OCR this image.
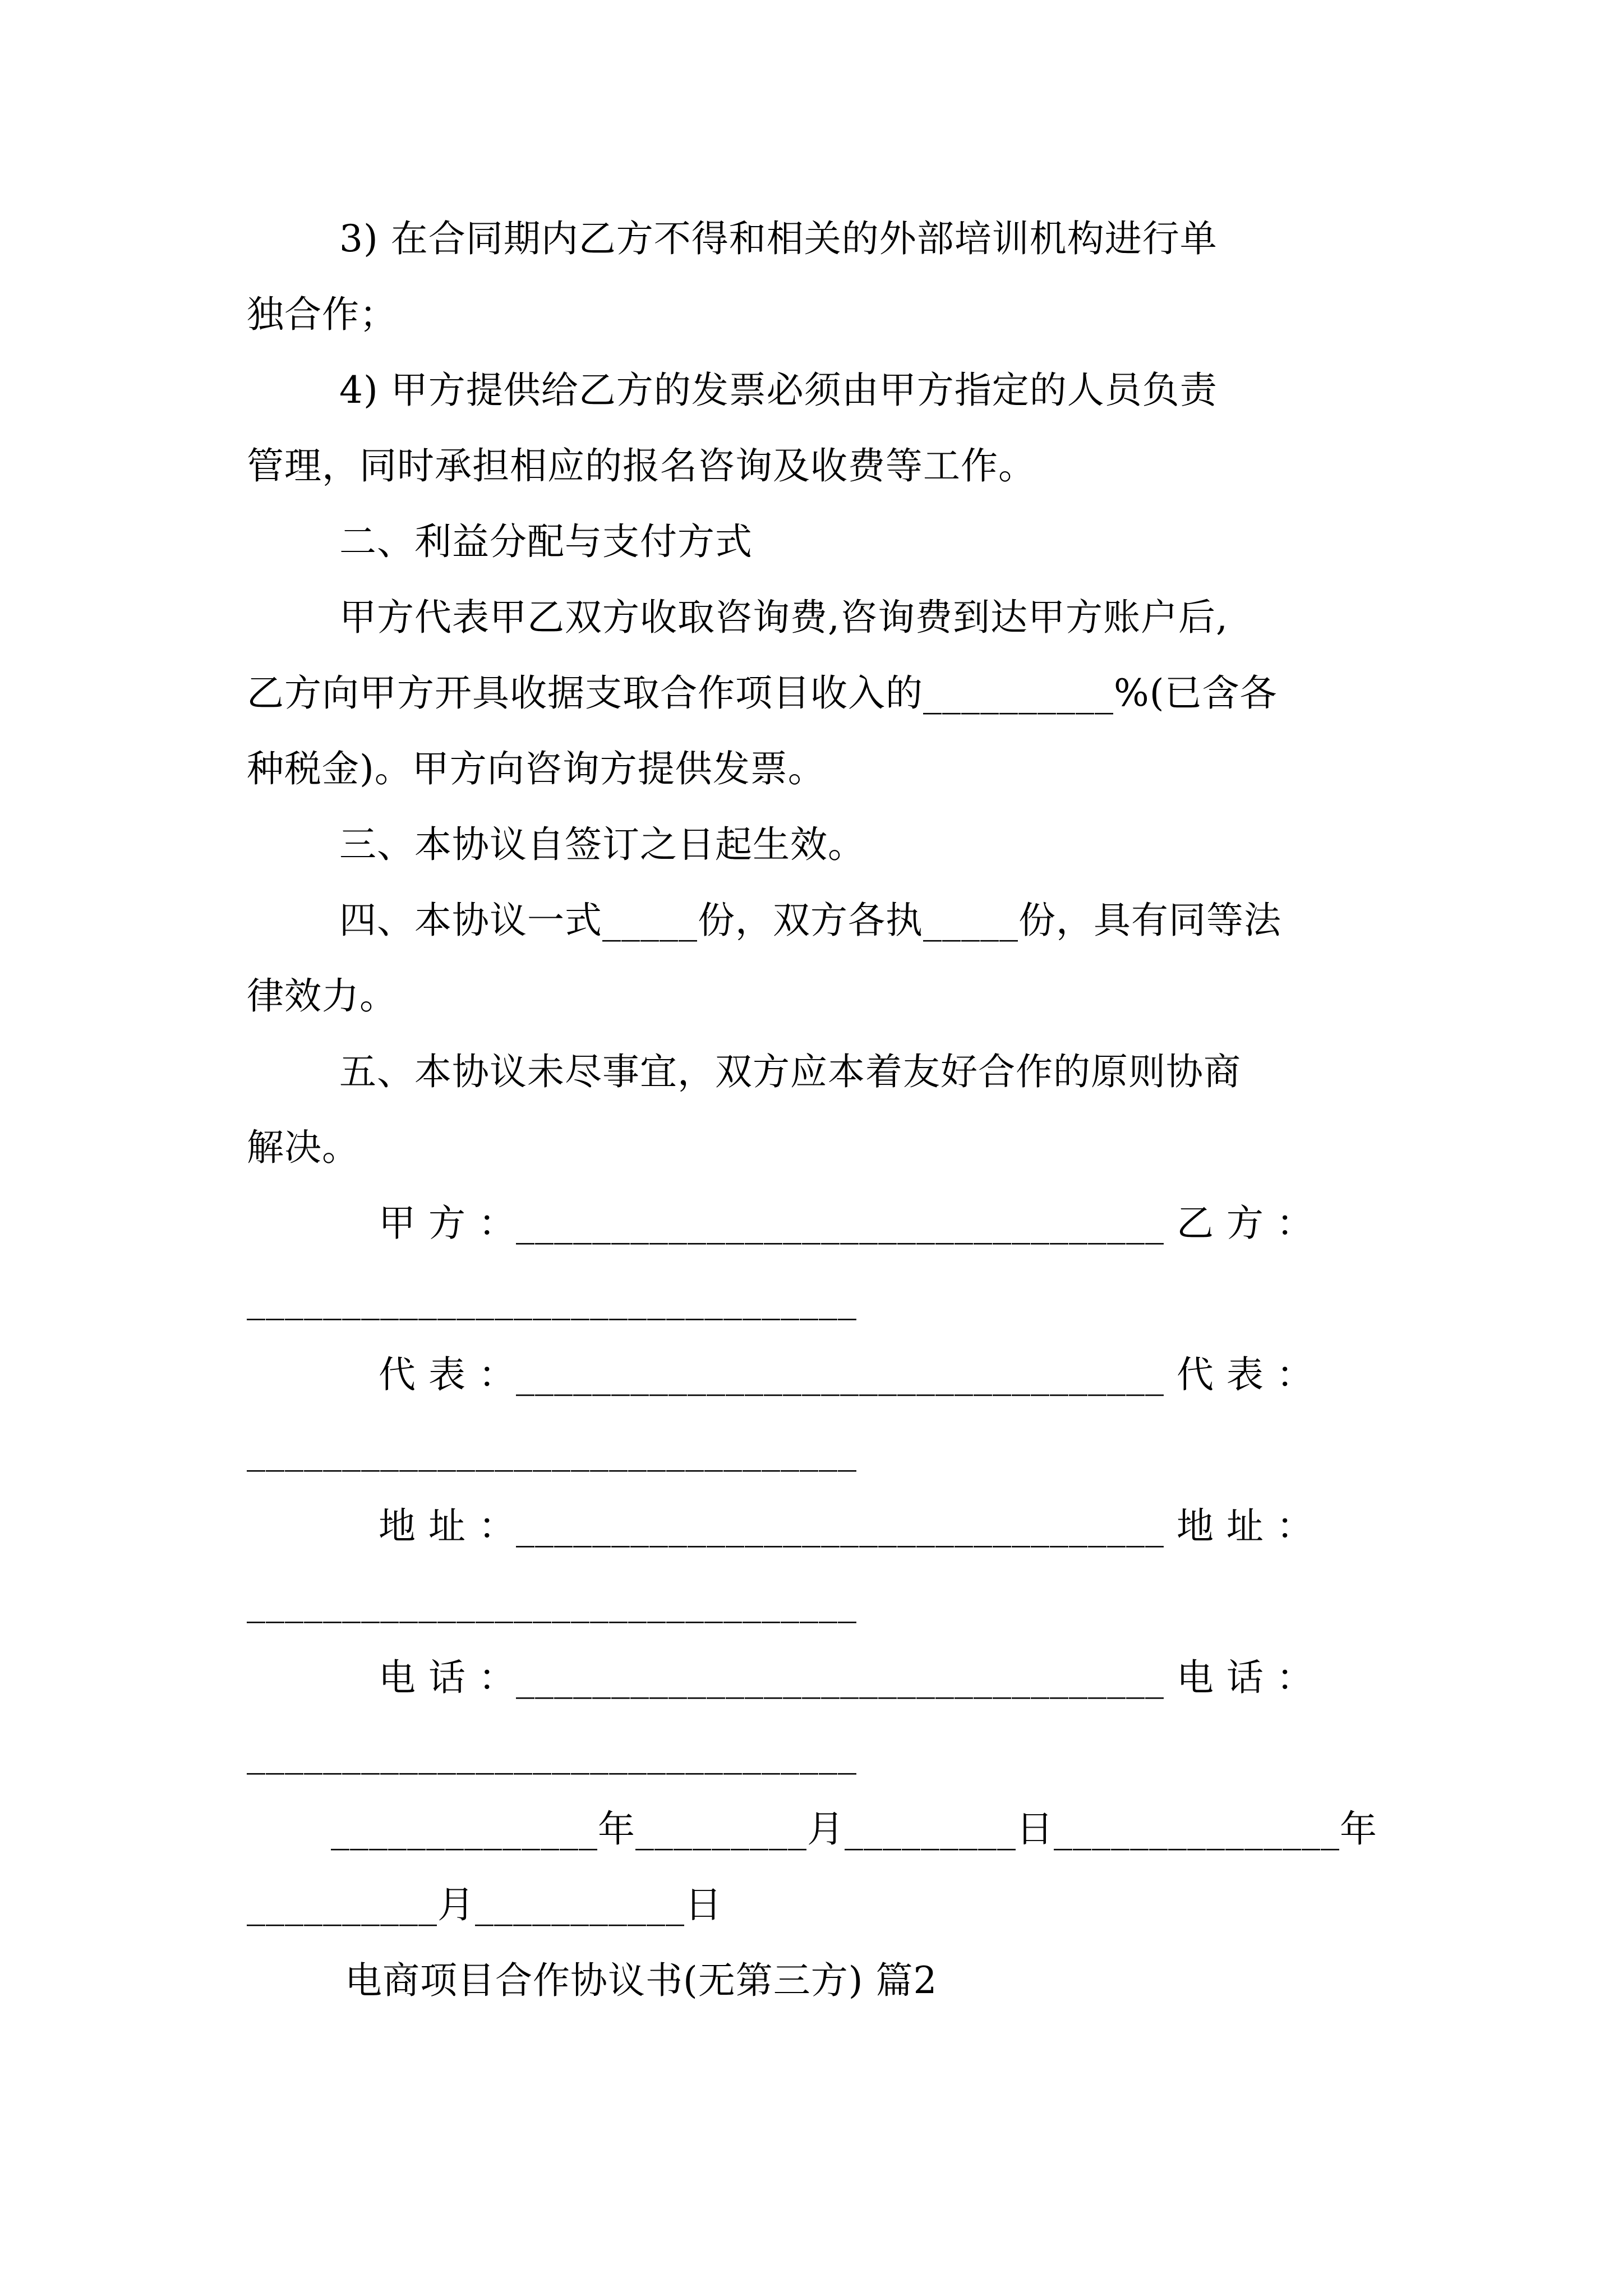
3) 在合同期内乙方不得和相关的外部培训机构进行单
独合作；
4) 甲方提供给乙方的发票必须由甲方指定的人员负责
管理，同时承担相应的报名咨询及收费等工作。
二、利益分配与支付方式
甲方代表甲乙双方收取咨询费,咨询费到达甲方账户后,
乙方向甲方开具收据支取合作项目收入的__________%(已含各
种税金)。甲方向咨询方提供发票。
三、本协议自签订之日起生效。
四、本协议一式_____份，双方各执_____份，具有同等法
律效力。
五、本协议未尽事宜，双方应本着友好合作的原则协商
解决。
甲 方 ：__________________________________ 乙 方 ：
________________________________
代 表 ：__________________________________ 代 表 ：
________________________________
地 址 ：__________________________________ 地 址 ：
________________________________
电 话 ：__________________________________ 电 话 ：
________________________________
______________年_________月_________日_______________年
__________月___________日
电商项目合作协议书(无第三方) 篇2
